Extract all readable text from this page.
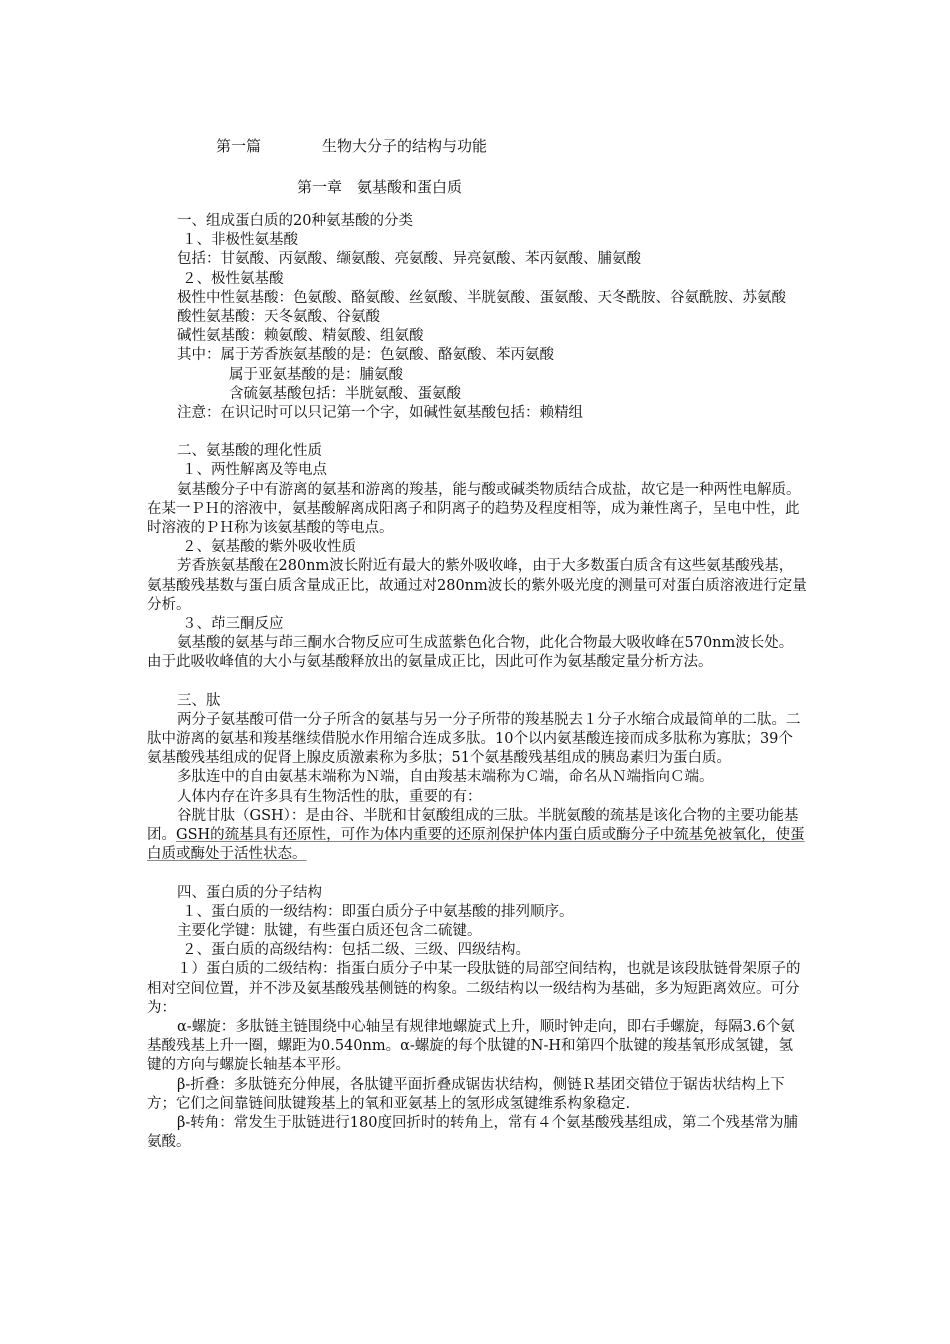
第一篇	生物大分子的结构与功能
第一章　氨基酸和蛋白质

一、组成蛋白质的20种氨基酸的分类

１、非极性氨基酸

包括：甘氨酸、丙氨酸、缬氨酸、亮氨酸、异亮氨酸、苯丙氨酸、脯氨酸

２、极性氨基酸

极性中性氨基酸：色氨酸、酪氨酸、丝氨酸、半胱氨酸、蛋氨酸、天冬酰胺、谷氨酰胺、苏氨酸

酸性氨基酸：天冬氨酸、谷氨酸

碱性氨基酸：赖氨酸、精氨酸、组氨酸

其中：属于芳香族氨基酸的是：色氨酸、酪氨酸、苯丙氨酸

属于亚氨基酸的是：脯氨酸

含硫氨基酸包括：半胱氨酸、蛋氨酸

注意：在识记时可以只记第一个字，如碱性氨基酸包括：赖精组

二、氨基酸的理化性质

１、两性解离及等电点

氨基酸分子中有游离的氨基和游离的羧基，能与酸或碱类物质结合成盐，故它是一种两性电解质。在某一ＰＨ的溶液中，氨基酸解离成阳离子和阴离子的趋势及程度相等，成为兼性离子，呈电中性，此时溶液的ＰＨ称为该氨基酸的等电点。

２、氨基酸的紫外吸收性质

芳香族氨基酸在280nm波长附近有最大的紫外吸收峰，由于大多数蛋白质含有这些氨基酸残基，氨基酸残基数与蛋白质含量成正比，故通过对280nm波长的紫外吸光度的测量可对蛋白质溶液进行定量分析。

３、茚三酮反应

氨基酸的氨基与茚三酮水合物反应可生成蓝紫色化合物，此化合物最大吸收峰在570nm波长处。由于此吸收峰值的大小与氨基酸释放出的氨量成正比，因此可作为氨基酸定量分析方法。

三、肽

两分子氨基酸可借一分子所含的氨基与另一分子所带的羧基脱去１分子水缩合成最简单的二肽。二肽中游离的氨基和羧基继续借脱水作用缩合连成多肽。10个以内氨基酸连接而成多肽称为寡肽；39个氨基酸残基组成的促肾上腺皮质激素称为多肽；51个氨基酸残基组成的胰岛素归为蛋白质。

多肽连中的自由氨基末端称为Ｎ端，自由羧基末端称为Ｃ端，命名从Ｎ端指向Ｃ端。

人体内存在许多具有生物活性的肽，重要的有：

谷胱甘肽（GSH）：是由谷、半胱和甘氨酸组成的三肽。半胱氨酸的巯基是该化合物的主要功能基团。GSH的巯基具有还原性，可作为体内重要的还原剂保护体内蛋白质或酶分子中巯基免被氧化，使蛋白质或酶处于活性状态。

四、蛋白质的分子结构

１、蛋白质的一级结构：即蛋白质分子中氨基酸的排列顺序。

主要化学键：肽键，有些蛋白质还包含二硫键。

２、蛋白质的高级结构：包括二级、三级、四级结构。

１）蛋白质的二级结构：指蛋白质分子中某一段肽链的局部空间结构，也就是该段肽链骨架原子的相对空间位置，并不涉及氨基酸残基侧链的构象。二级结构以一级结构为基础，多为短距离效应。可分为：

α-螺旋：多肽链主链围绕中心轴呈有规律地螺旋式上升，顺时钟走向，即右手螺旋，每隔3.6个氨基酸残基上升一圈，螺距为0.540nm。α-螺旋的每个肽键的N-H和第四个肽键的羧基氧形成氢键，氢键的方向与螺旋长轴基本平形。

β-折叠：多肽链充分伸展，各肽键平面折叠成锯齿状结构，侧链Ｒ基团交错位于锯齿状结构上下方；它们之间靠链间肽键羧基上的氧和亚氨基上的氢形成氢键维系构象稳定.

β-转角：常发生于肽链进行180度回折时的转角上，常有４个氨基酸残基组成，第二个残基常为脯氨酸。
